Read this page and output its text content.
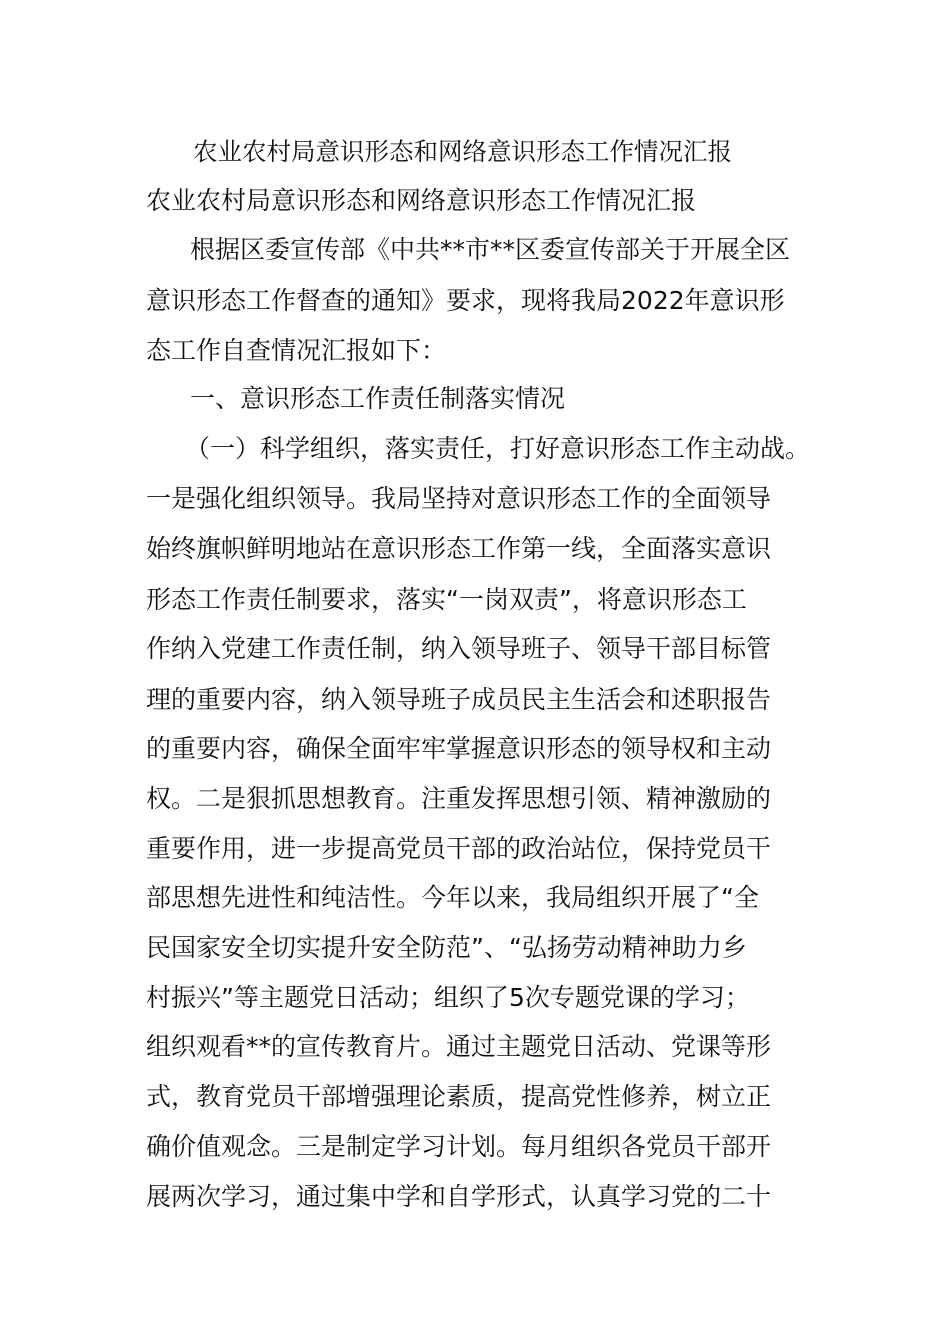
农业农村局意识形态和网络意识形态工作情况汇报
农业农村局意识形态和网络意识形态工作情况汇报
根据区委宣传部《中共**市**区委宣传部关于开展全区
意识形态工作督查的通知》要求，现将我局2022年意识形
态工作自查情况汇报如下：
一、意识形态工作责任制落实情况
（一）科学组织，落实责任，打好意识形态工作主动战。
一是强化组织领导。我局坚持对意识形态工作的全面领导
始终旗帜鲜明地站在意识形态工作第一线，全面落实意识
形态工作责任制要求，落实“一岗双责”，将意识形态工
作纳入党建工作责任制，纳入领导班子、领导干部目标管
理的重要内容，纳入领导班子成员民主生活会和述职报告
的重要内容，确保全面牢牢掌握意识形态的领导权和主动
权。二是狠抓思想教育。注重发挥思想引领、精神激励的
重要作用，进一步提高党员干部的政治站位，保持党员干
部思想先进性和纯洁性。今年以来，我局组织开展了“全
民国家安全切实提升安全防范”、“弘扬劳动精神助力乡
村振兴”等主题党日活动；组织了5次专题党课的学习；
组织观看**的宣传教育片。通过主题党日活动、党课等形
式，教育党员干部增强理论素质，提高党性修养，树立正
确价值观念。三是制定学习计划。每月组织各党员干部开
展两次学习，通过集中学和自学形式，认真学习党的二十
